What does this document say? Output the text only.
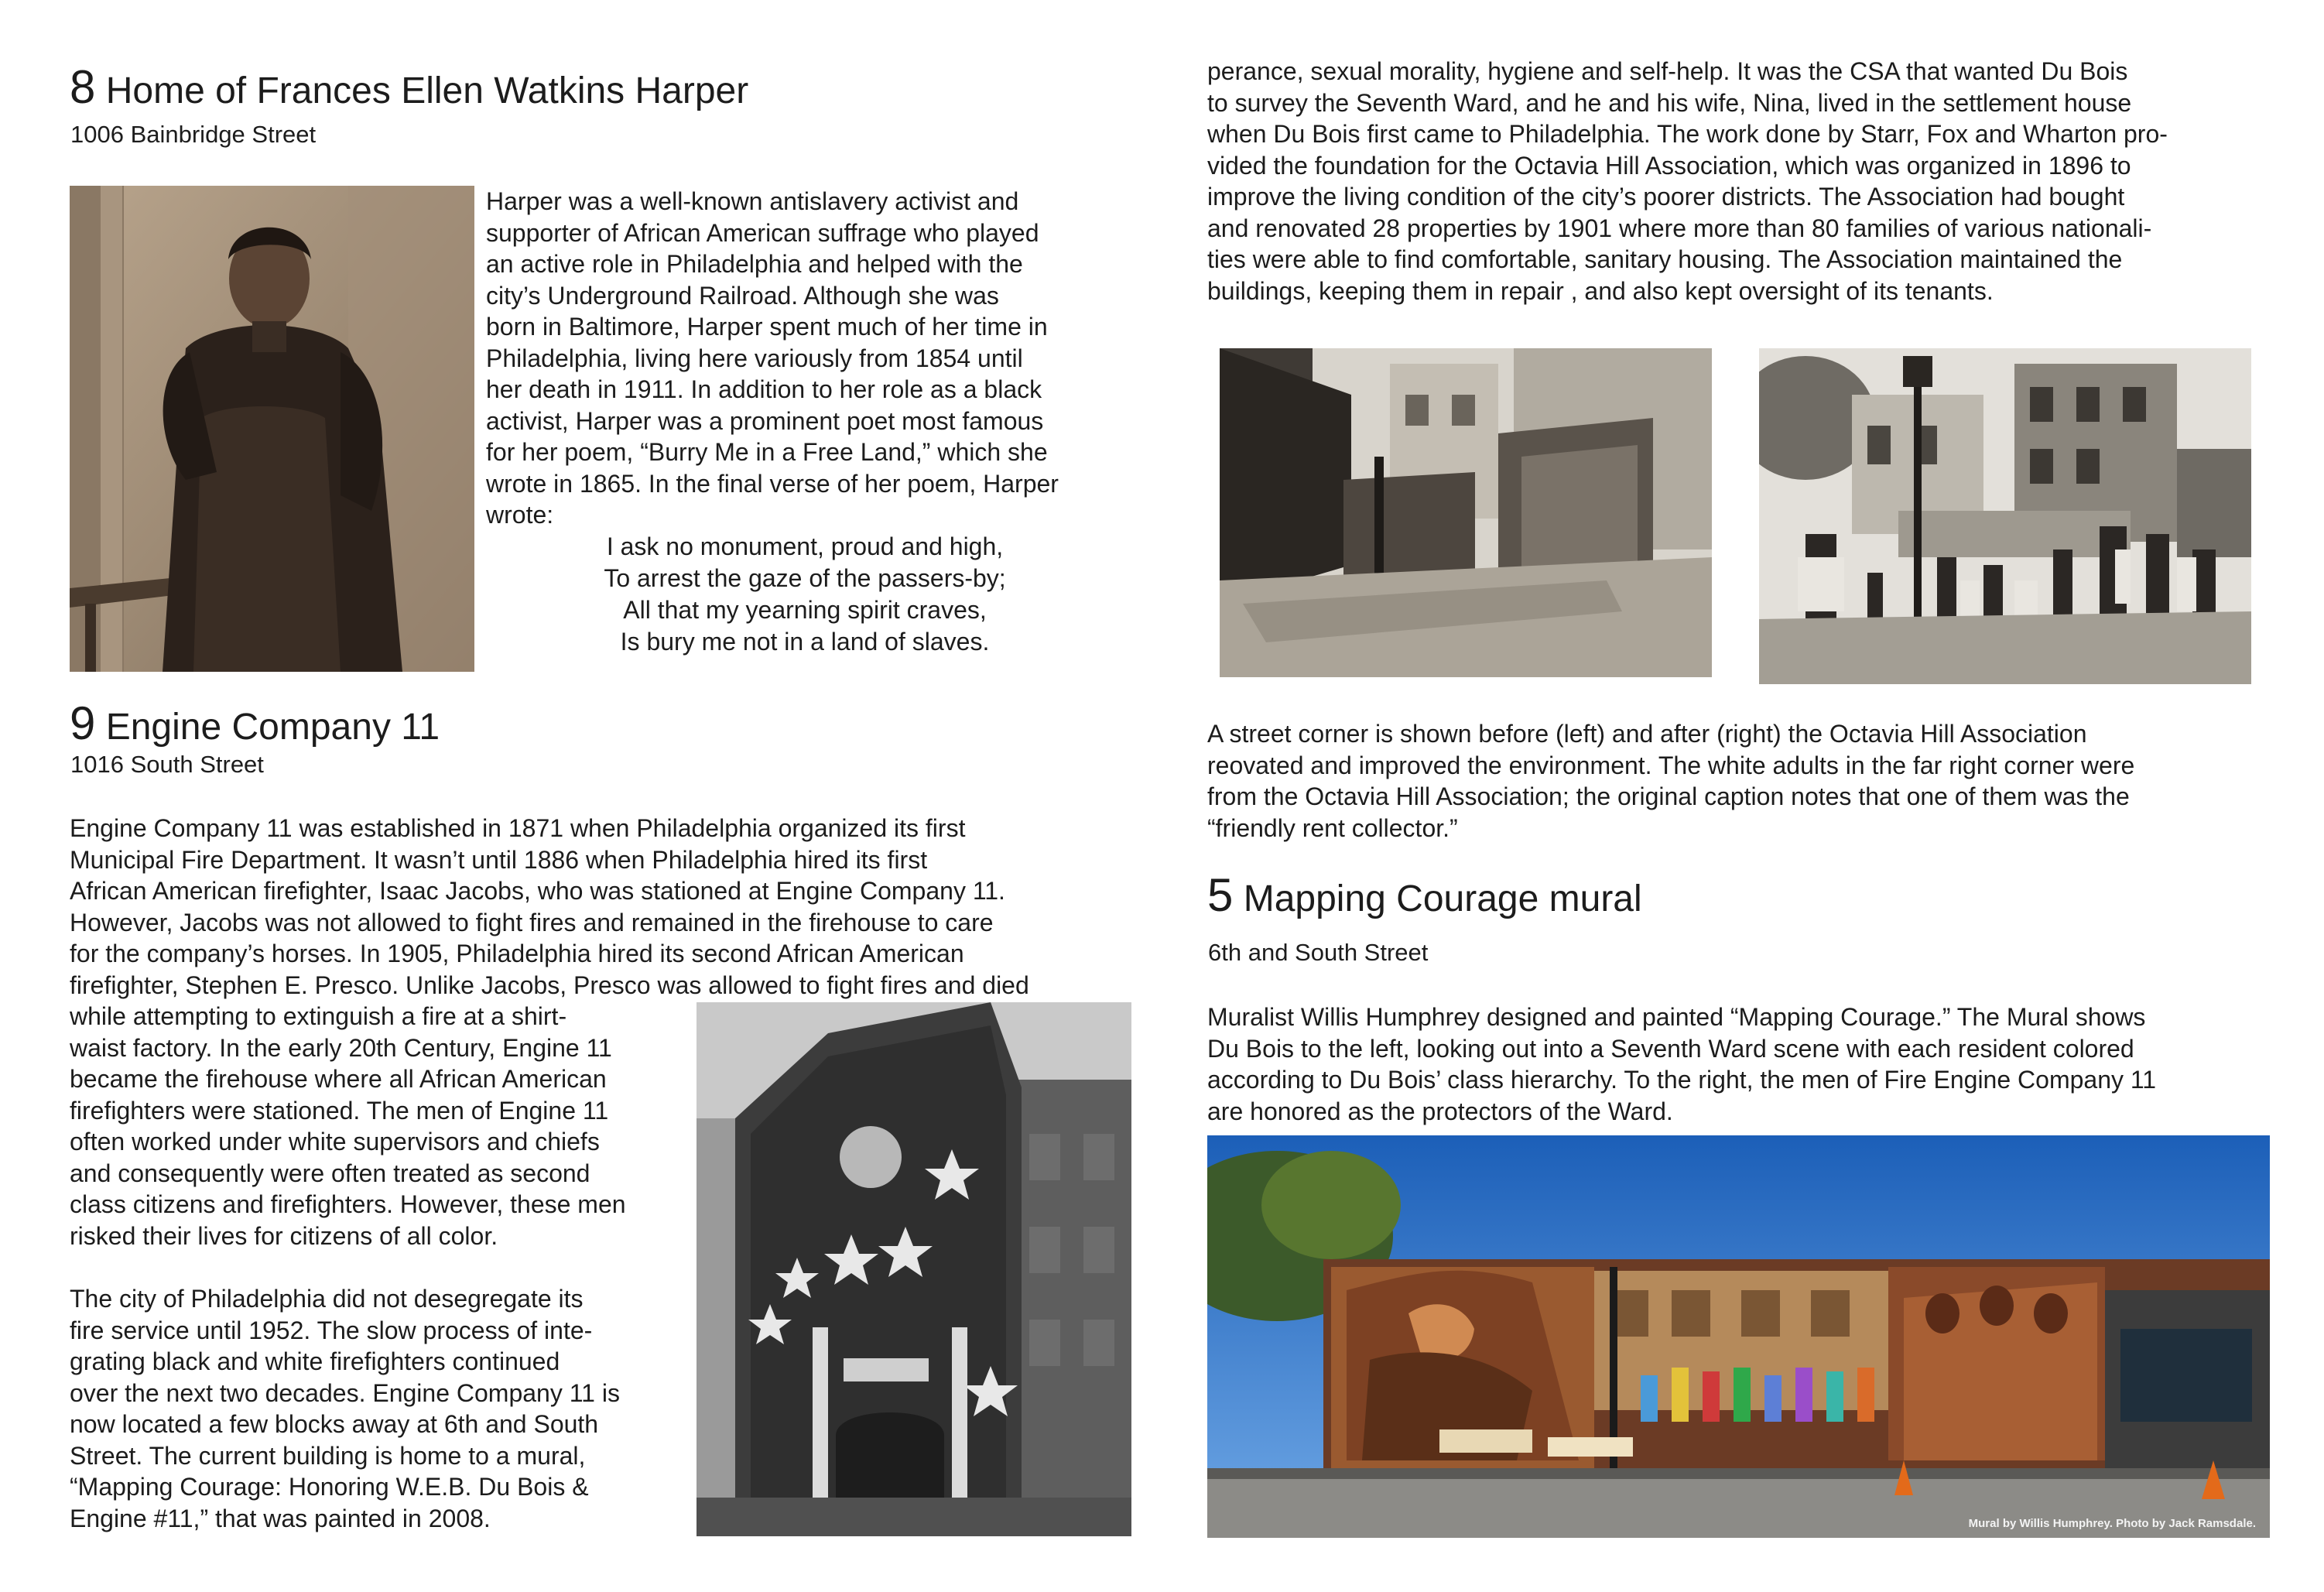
8 Home of Frances Ellen Watkins Harper
1006 Bainbridge Street
Harper was a well-known antislavery activist and
supporter of African American suffrage who played
an active role in Philadelphia and helped with the
city’s Underground Railroad. Although she was
born in Baltimore, Harper spent much of her time in
Philadelphia, living here variously from 1854 until
her death in 1911. In addition to her role as a black
activist, Harper was a prominent poet most famous
for her poem, “Burry Me in a Free Land,” which she
wrote in 1865. In the final verse of her poem, Harper
wrote:
I ask no monument, proud and high,
To arrest the gaze of the passers-by;
All that my yearning spirit craves,
Is bury me not in a land of slaves.
9 Engine Company 11
1016 South Street
Engine Company 11 was established in 1871 when Philadelphia organized its first
Municipal Fire Department. It wasn’t until 1886 when Philadelphia hired its first
African American firefighter, Isaac Jacobs, who was stationed at Engine Company 11.
However, Jacobs was not allowed to fight fires and remained in the firehouse to care
for the company’s horses. In 1905, Philadelphia hired its second African American
firefighter, Stephen E. Presco. Unlike Jacobs, Presco was allowed to fight fires and died
while attempting to extinguish a fire at a shirt-
waist factory. In the early 20th Century, Engine 11
became the firehouse where all African American
firefighters were stationed. The men of Engine 11
often worked under white supervisors and chiefs
and consequently were often treated as second
class citizens and firefighters. However, these men
risked their lives for citizens of all color.
The city of Philadelphia did not desegregate its
fire service until 1952. The slow process of inte-
grating black and white firefighters continued
over the next two decades. Engine Company 11 is
now located a few blocks away at 6th and South
Street. The current building is home to a mural,
“Mapping Courage: Honoring W.E.B. Du Bois &
Engine #11,” that was painted in 2008.
perance, sexual morality, hygiene and self-help. It was the CSA that wanted Du Bois
to survey the Seventh Ward, and he and his wife, Nina, lived in the settlement house
when Du Bois first came to Philadelphia. The work done by Starr, Fox and Wharton pro-
vided the foundation for the Octavia Hill Association, which was organized in 1896 to
improve the living condition of the city’s poorer districts. The Association had bought
and renovated 28 properties by 1901 where more than 80 families of various nationali-
ties were able to find comfortable, sanitary housing. The Association maintained the
buildings, keeping them in repair , and also kept oversight of its tenants.
A street corner is shown before (left) and after (right) the Octavia Hill Association
reovated and improved the environment. The white adults in the far right corner were
from the Octavia Hill Association; the original caption notes that one of them was the
“friendly rent collector.”
5 Mapping Courage mural
6th and South Street
Muralist Willis Humphrey designed and painted “Mapping Courage.” The Mural shows
Du Bois to the left, looking out into a Seventh Ward scene with each resident colored
according to Du Bois’ class hierarchy. To the right, the men of Fire Engine Company 11
are honored as the protectors of the Ward.
Mural by Willis Humphrey. Photo by Jack Ramsdale.
